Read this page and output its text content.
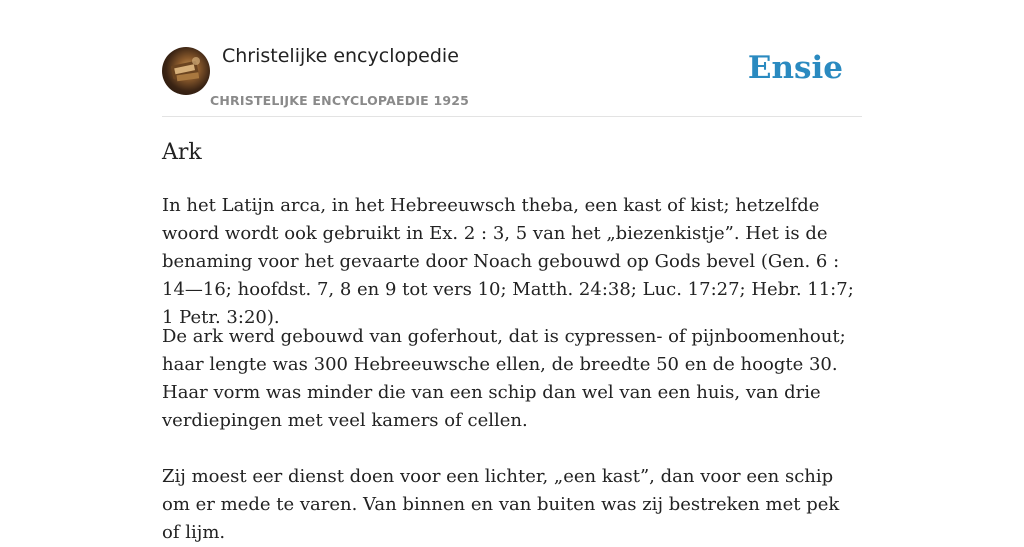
Christelijke encyclopedie
CHRISTELIJKE ENCYCLOPAEDIE 1925
Ensie
Ark

In het Latijn arca, in het Hebreeuwsch theba, een kast of kist; hetzelfde woord wordt ook gebruikt in Ex. 2 : 3, 5 van het „biezenkistje”. Het is de benaming voor het gevaarte door Noach gebouwd op Gods bevel (Gen. 6 : 14—16; hoofdst. 7, 8 en 9 tot vers 10; Matth. 24:38; Luc. 17:27; Hebr. 11:7; 1 Petr. 3:20).

De ark werd gebouwd van goferhout, dat is cypressen- of pijnboomenhout; haar lengte was 300 Hebreeuwsche ellen, de breedte 50 en de hoogte 30. Haar vorm was minder die van een schip dan wel van een huis, van drie verdiepingen met veel kamers of cellen.

Zij moest eer dienst doen voor een lichter, „een kast”, dan voor een schip om er mede te varen. Van binnen en van buiten was zij bestreken met pek of lijm.
